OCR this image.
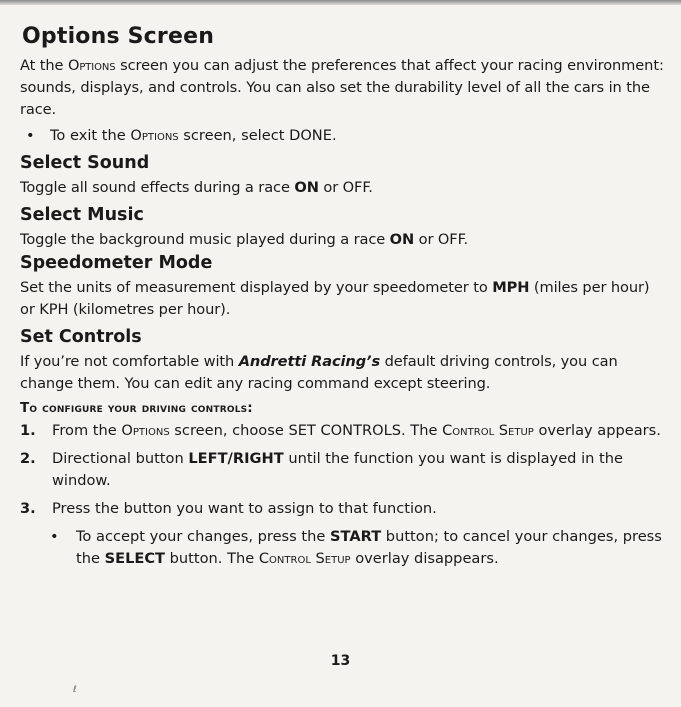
Options Screen

At the Options screen you can adjust the preferences that affect your racing environment: sounds, displays, and controls. You can also set the durability level of all the cars in the race.

• To exit the Options screen, select DONE.
Select Sound

Toggle all sound effects during a race ON or OFF.

Select Music

Toggle the background music played during a race ON or OFF.

Speedometer Mode

Set the units of measurement displayed by your speedometer to MPH (miles per hour) or KPH (kilometres per hour).

Set Controls

If you’re not comfortable with Andretti Racing’s default driving controls, you can change them. You can edit any racing command except steering.

To configure your driving controls:
1. From the Options screen, choose SET CONTROLS. The Control Setup overlay appears.
2. Directional button LEFT/RIGHT until the function you want is displayed in the window.
3. Press the button you want to assign to that function.
• To accept your changes, press the START button; to cancel your changes, press the SELECT button. The Control Setup overlay disappears.
13
ℓ
